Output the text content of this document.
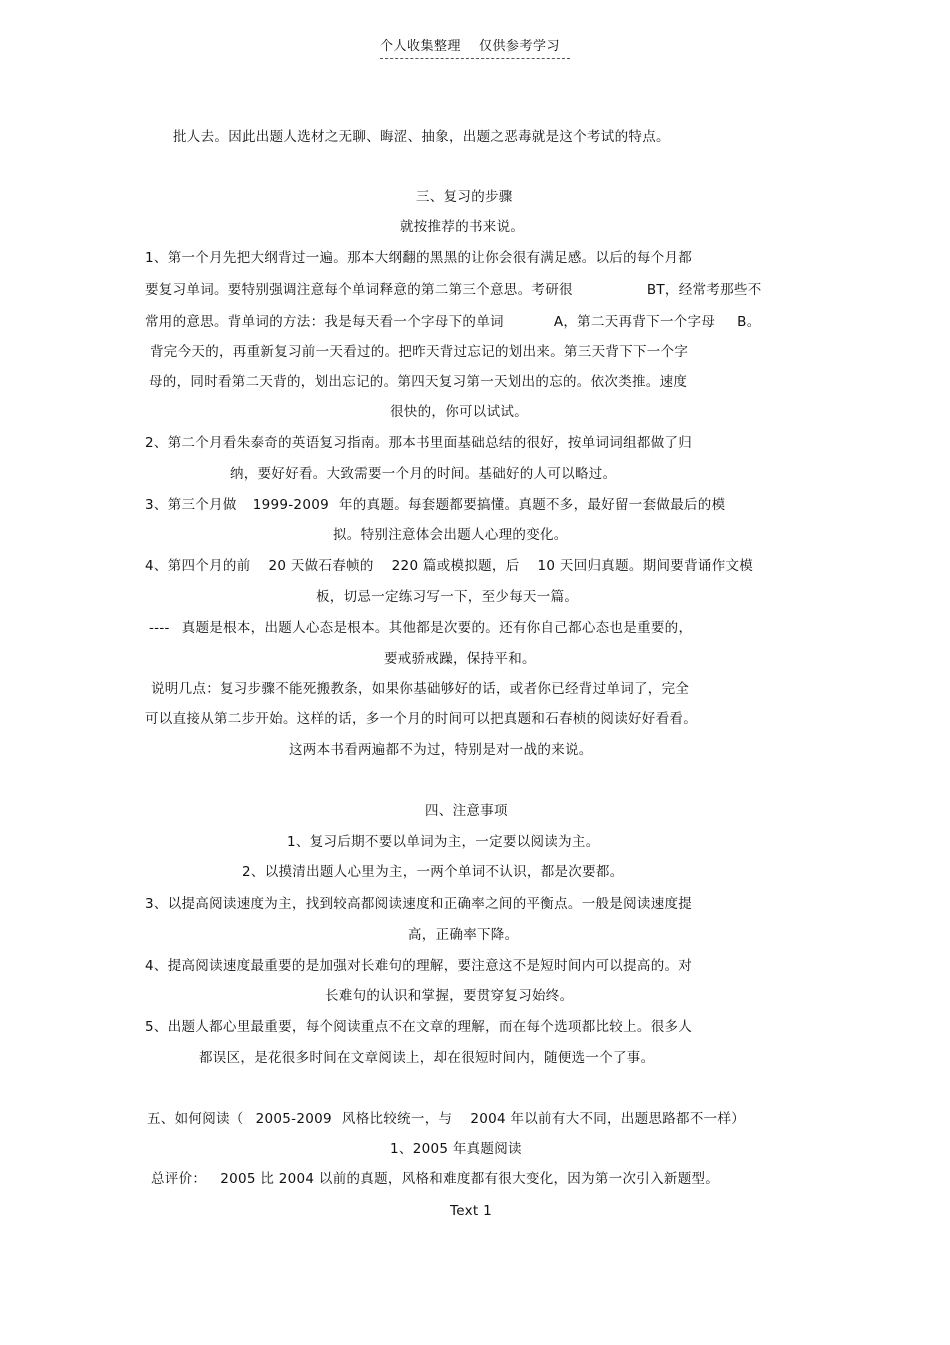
个人收集整理 仅供参考学习
批人去。因此出题人选材之无聊、晦涩、抽象，出题之恶毒就是这个考试的特点。
三、复习的步骤
就按推荐的书来说。
1、第一个月先把大纲背过一遍。那本大纲翻的黑黑的让你会很有满足感。以后的每个月都
要复习单词。要特别强调注意每个单词释意的第二第三个意思。考研很	BT，经常考那些不
常用的意思。背单词的方法：我是每天看一个字母下的单词	A，第二天再背下一个字母 B。
背完今天的，再重新复习前一天看过的。把昨天背过忘记的划出来。第三天背下下一个字
母的，同时看第二天背的，划出忘记的。第四天复习第一天划出的忘的。依次类推。速度
很快的，你可以试试。
2、第二个月看朱泰奇的英语复习指南。那本书里面基础总结的很好，按单词词组都做了归
纳，要好好看。大致需要一个月的时间。基础好的人可以略过。
3、第三个月做 1999-2009 年的真题。每套题都要搞懂。真题不多，最好留一套做最后的模
拟。特别注意体会出题人心理的变化。
4、第四个月的前 20 天做石春帧的 220 篇或模拟题，后 10 天回归真题。期间要背诵作文模
板，切忌一定练习写一下，至少每天一篇。
---- 真题是根本，出题人心态是根本。其他都是次要的。还有你自己都心态也是重要的，
要戒骄戒躁，保持平和。
说明几点：复习步骤不能死搬教条，如果你基础够好的话，或者你已经背过单词了，完全
可以直接从第二步开始。这样的话，多一个月的时间可以把真题和石春桢的阅读好好看看。
这两本书看两遍都不为过，特别是对一战的来说。
四、注意事项
1、复习后期不要以单词为主，一定要以阅读为主。
2、以摸清出题人心里为主，一两个单词不认识，都是次要都。
3、以提高阅读速度为主，找到较高都阅读速度和正确率之间的平衡点。一般是阅读速度提
高，正确率下降。
4、提高阅读速度最重要的是加强对长难句的理解，要注意这不是短时间内可以提高的。对
长难句的认识和掌握，要贯穿复习始终。
5、出题人都心里最重要，每个阅读重点不在文章的理解，而在每个选项都比较上。很多人
都误区，是花很多时间在文章阅读上，却在很短时间内，随便选一个了事。
五、如何阅读（ 2005-2009 风格比较统一，与 2004 年以前有大不同，出题思路都不一样）
1、2005 年真题阅读
总评价： 2005 比 2004 以前的真题，风格和难度都有很大变化，因为第一次引入新题型。
Text 1
